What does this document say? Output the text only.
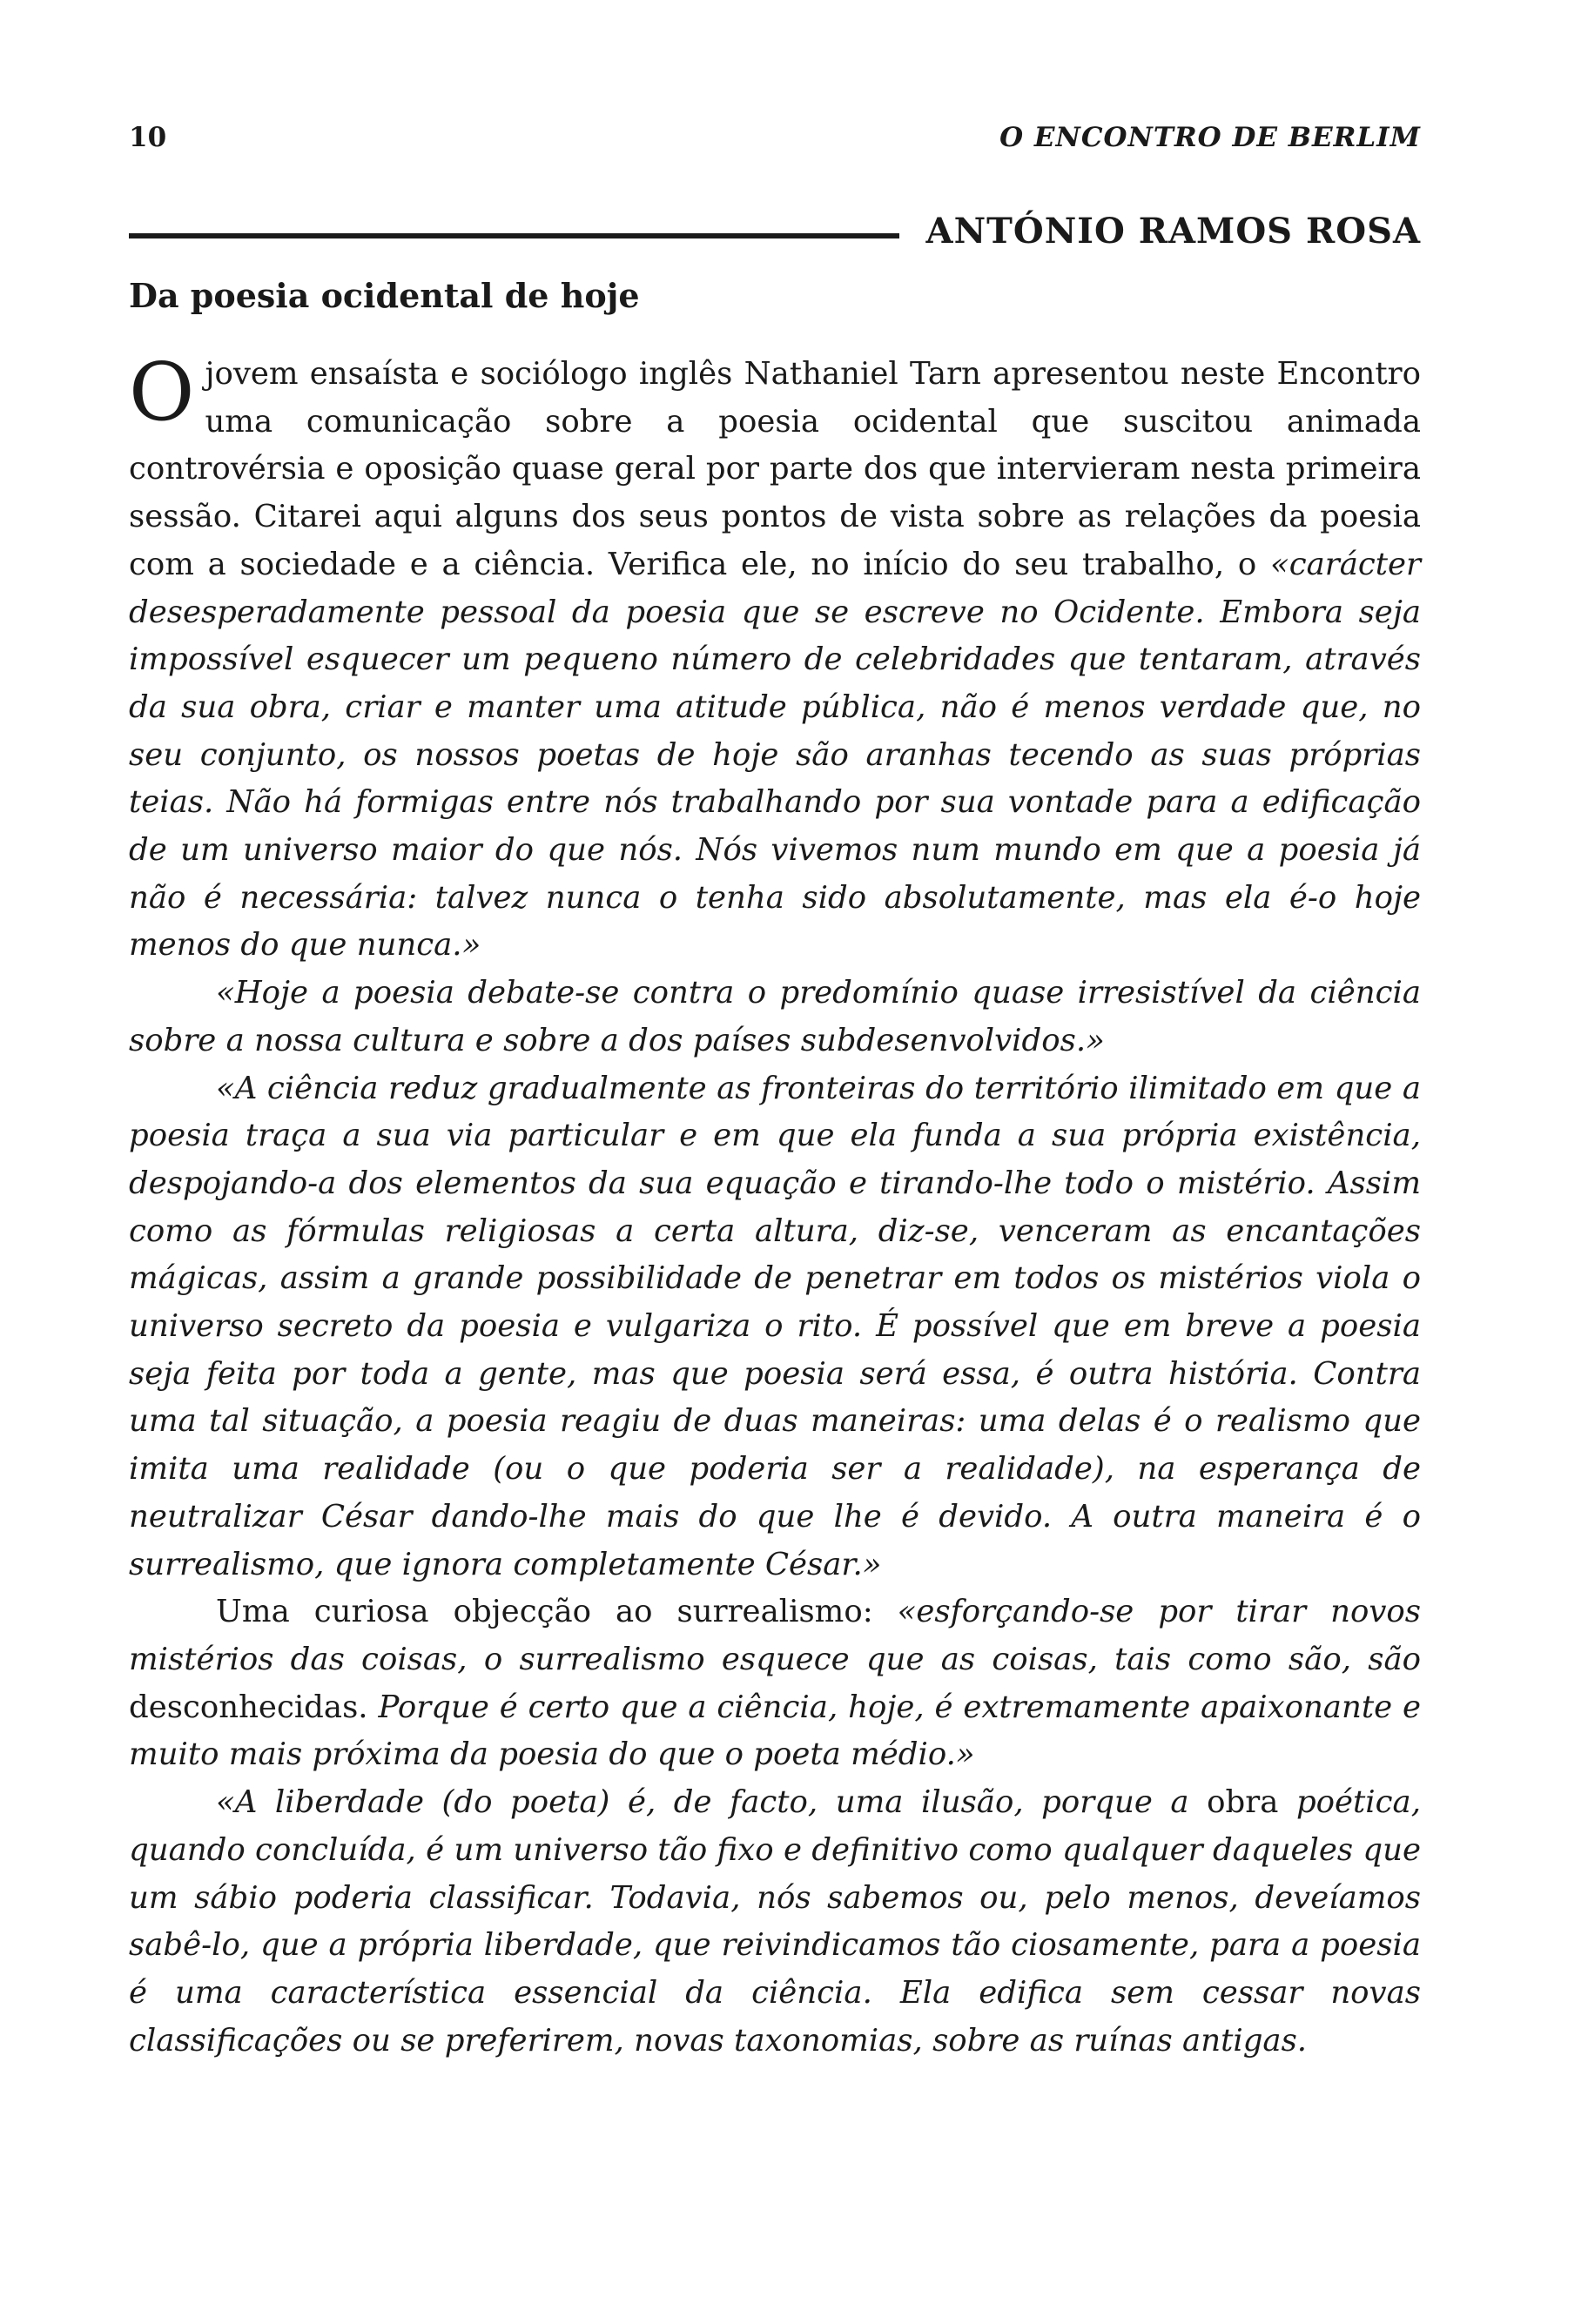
10	O ENCONTRO DE BERLIM
ANTÓNIO RAMOS ROSA
Da poesia ocidental de hoje

Ojovem ensaísta e sociólogo inglês Nathaniel Tarn apresentou neste Encontro uma comunicação sobre a poesia ocidental que suscitou animada controvérsia e oposição quase geral por parte dos que intervieram nesta primeira sessão. Citarei aqui alguns dos seus pontos de vista sobre as relações da poesia com a sociedade e a ciência. Verifica ele, no início do seu trabalho, o «carácter desesperadamente pessoal da poesia que se escreve no Ocidente. Embora seja impossível esquecer um pequeno número de celebridades que tentaram, através da sua obra, criar e manter uma atitude pública, não é menos verdade que, no seu conjunto, os nossos poetas de hoje são aranhas tecendo as suas próprias teias. Não há formigas entre nós trabalhando por sua vontade para a edificação de um universo maior do que nós. Nós vivemos num mundo em que a poesia já não é necessária: talvez nunca o tenha sido absolutamente, mas ela é-o hoje menos do que nunca.»

«Hoje a poesia debate-se contra o predomínio quase irresistível da ciência sobre a nossa cultura e sobre a dos países subdesenvolvidos.»

«A ciência reduz gradualmente as fronteiras do território ilimitado em que a poesia traça a sua via particular e em que ela funda a sua própria existência, despojando-a dos elementos da sua equação e tirando-lhe todo o mistério. Assim como as fórmulas religiosas a certa altura, diz-se, venceram as encantações mágicas, assim a grande possibilidade de penetrar em todos os mistérios viola o universo secreto da poesia e vulgariza o rito. É possível que em breve a poesia seja feita por toda a gente, mas que poesia será essa, é outra história. Contra uma tal situação, a poesia reagiu de duas maneiras: uma delas é o realismo que imita uma realidade (ou o que poderia ser a realidade), na esperança de neutralizar César dando-lhe mais do que lhe é devido. A outra maneira é o surrealismo, que ignora completamente César.»

Uma curiosa objecção ao surrealismo: «esforçando-se por tirar novos mistérios das coisas, o surrealismo esquece que as coisas, tais como são, são desconhecidas. Porque é certo que a ciência, hoje, é extremamente apaixonante e muito mais próxima da poesia do que o poeta médio.»

«A liberdade (do poeta) é, de facto, uma ilusão, porque a obra poética, quando concluída, é um universo tão fixo e definitivo como qualquer daqueles que um sábio poderia classificar. Todavia, nós sabemos ou, pelo menos, deveíamos sabê-lo, que a própria liberdade, que reivindicamos tão ciosamente, para a poesia é uma característica essencial da ciência. Ela edifica sem cessar novas classificações ou se preferirem, novas taxonomias, sobre as ruínas antigas.
